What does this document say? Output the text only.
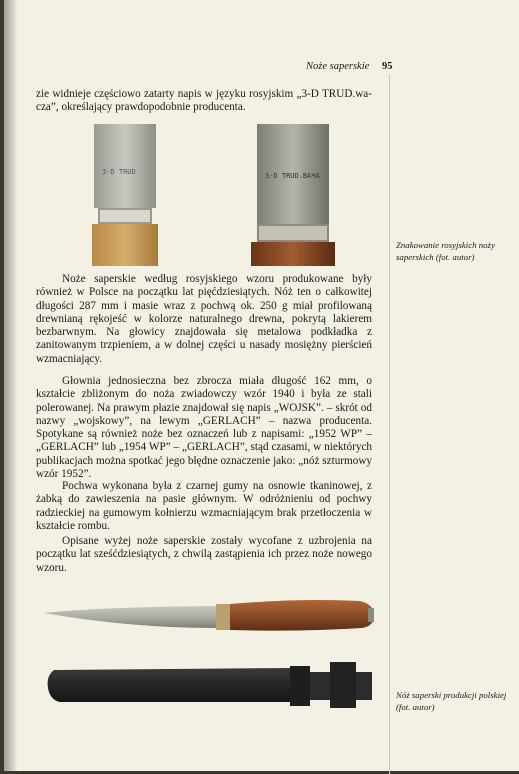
Noże saperskie 95

zie widnieje częściowo zatarty napis w języku rosyjskim „3-D TRUD.wa-cza”, określający prawdopodobnie producenta.

3-D TRUD	3-D TRUD.ВАЧА
Znakowanie rosyjskich noży saperskich (fot. autor)

Noże saperskie według rosyjskiego wzoru produkowane były również w Polsce na początku lat pięćdziesiątych. Nóż ten o całkowitej długości 287 mm i masie wraz z pochwą ok. 250 g miał profilowaną drewnianą rękojeść w kolorze naturalnego drewna, pokrytą lakierem bezbarwnym. Na głowicy znajdowała się metalowa podkładka z zanitowanym trzpieniem, a w dolnej części u nasady mosiężny pierścień wzmacniający.

Głownia jednosieczna bez zbrocza miała długość 162 mm, o kształcie zbliżonym do noża zwiadowczy wzór 1940 i była ze stali polerowanej. Na prawym płazie znajdował się napis „WOJSK”. – skrót od nazwy „wojskowy”, na lewym „GERLACH” – nazwa producenta. Spotykane są również noże bez oznaczeń lub z napisami: „1952 WP” – „GERLACH” lub „1954 WP” – „GERLACH”, stąd czasami, w niektórych publikacjach można spotkać jego błędne oznaczenie jako: „nóż szturmowy wzór 1952”.

Pochwa wykonana była z czarnej gumy na osnowie tkaninowej, z żabką do zawieszenia na pasie głównym. W odróżnieniu od pochwy radzieckiej na gumowym kołnierzu wzmacniającym brak przetłoczenia w kształcie rombu.

Opisane wyżej noże saperskie zostały wycofane z uzbrojenia na początku lat sześćdziesiątych, z chwilą zastąpienia ich przez noże nowego wzoru.

Nóż saperski produkcji polskiej (fot. autor)
